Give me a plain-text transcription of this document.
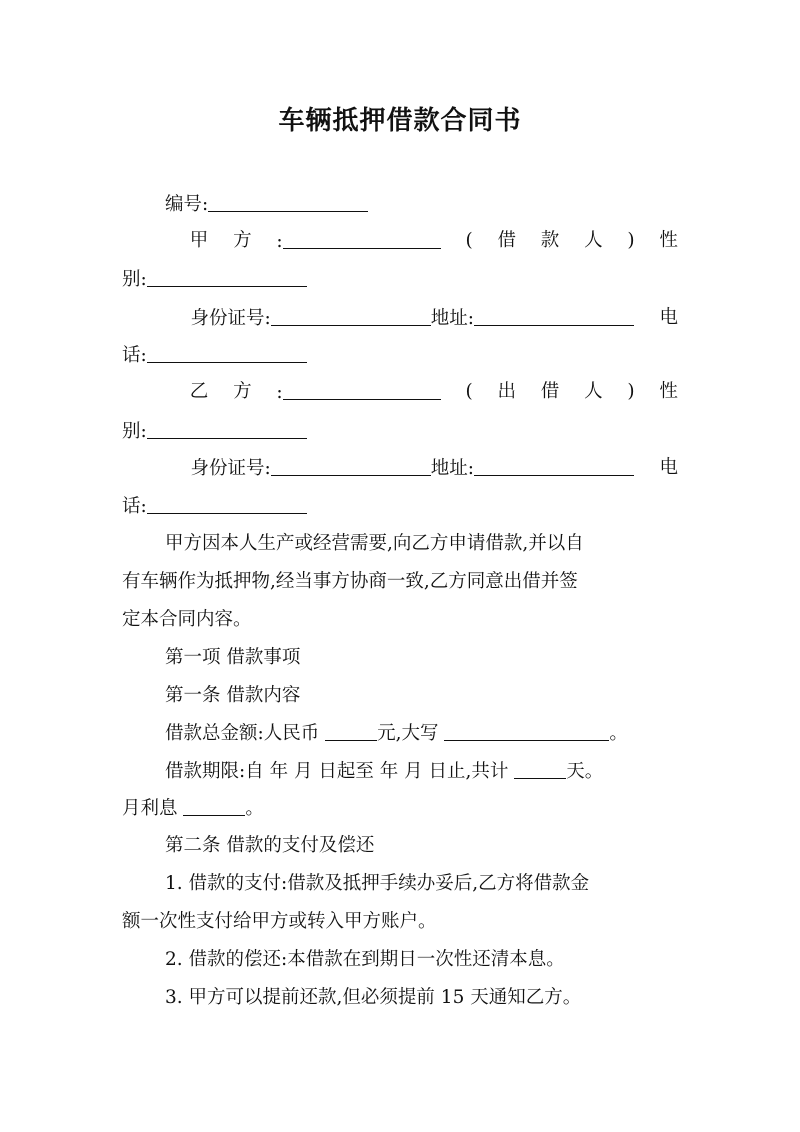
车辆抵押借款合同书
编号:
甲 方 :	( 借 款 人 ) 性
别:
身份证号:	地址:	电
话:
乙 方 :	( 出 借 人 ) 性
别:
身份证号:	地址:	电
话:
甲方因本人生产或经营需要,向乙方申请借款,并以自
有车辆作为抵押物,经当事方协商一致,乙方同意出借并签
定本合同内容。
第一项 借款事项
第一条 借款内容
借款总金额:人民币	元,大写	。
借款期限:自 年 月 日起至 年 月 日止,共计	天。
月利息	。
第二条 借款的支付及偿还
1. 借款的支付:借款及抵押手续办妥后,乙方将借款金
额一次性支付给甲方或转入甲方账户。
2. 借款的偿还:本借款在到期日一次性还清本息。
3. 甲方可以提前还款,但必须提前 15 天通知乙方。
